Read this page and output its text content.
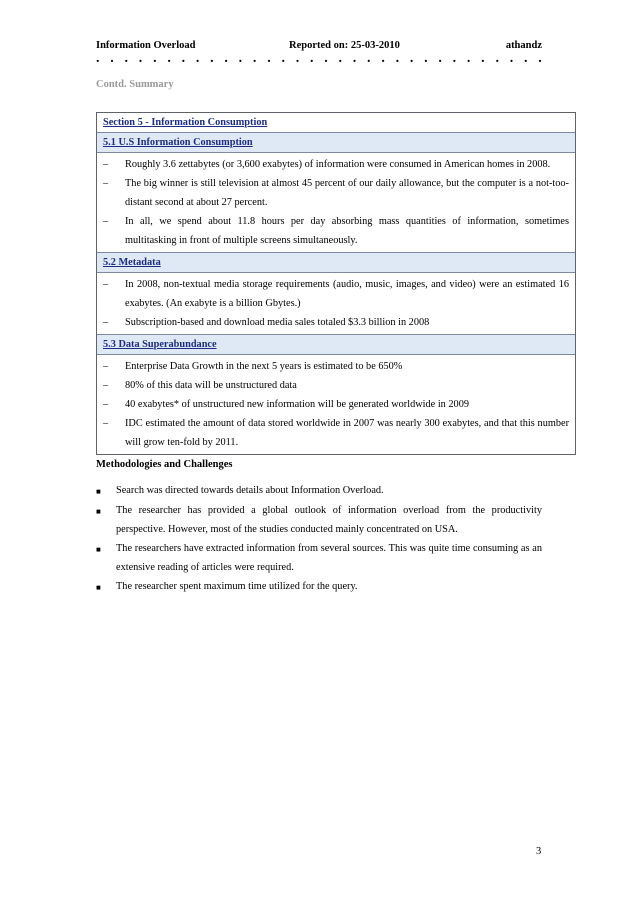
Information Overload	Reported on: 25-03-2010	athandz
. . . . . . . . . . . . . . . . . . . . . . . . . . . . . . . .
Contd. Summary
Section 5 - Information Consumption
5.1 U.S Information Consumption
–	Roughly 3.6 zettabytes (or 3,600 exabytes) of information were consumed in American homes in 2008.
–	The big winner is still television at almost 45 percent of our daily allowance, but the computer is a not-too-distant second at about 27 percent.
–	In all, we spend about 11.8 hours per day absorbing mass quantities of information, sometimes multitasking in front of multiple screens simultaneously.
5.2 Metadata
–	In 2008, non-textual media storage requirements (audio, music, images, and video) were an estimated 16 exabytes. (An exabyte is a billion Gbytes.)
–	Subscription-based and download media sales totaled $3.3 billion in 2008
5.3 Data Superabundance
–	Enterprise Data Growth in the next 5 years is estimated to be 650%
–	80% of this data will be unstructured data
–	40 exabytes* of unstructured new information will be generated worldwide in 2009
–	IDC estimated the amount of data stored worldwide in 2007 was nearly 300 exabytes, and that this number will grow ten-fold by 2011.
Methodologies and Challenges
■	Search was directed towards details about Information Overload.
■	The researcher has provided a global outlook of information overload from the productivity perspective. However, most of the studies conducted mainly concentrated on USA.
■	The researchers have extracted information from several sources. This was quite time consuming as an extensive reading of articles were required.
■	The researcher spent maximum time utilized for the query.
3
